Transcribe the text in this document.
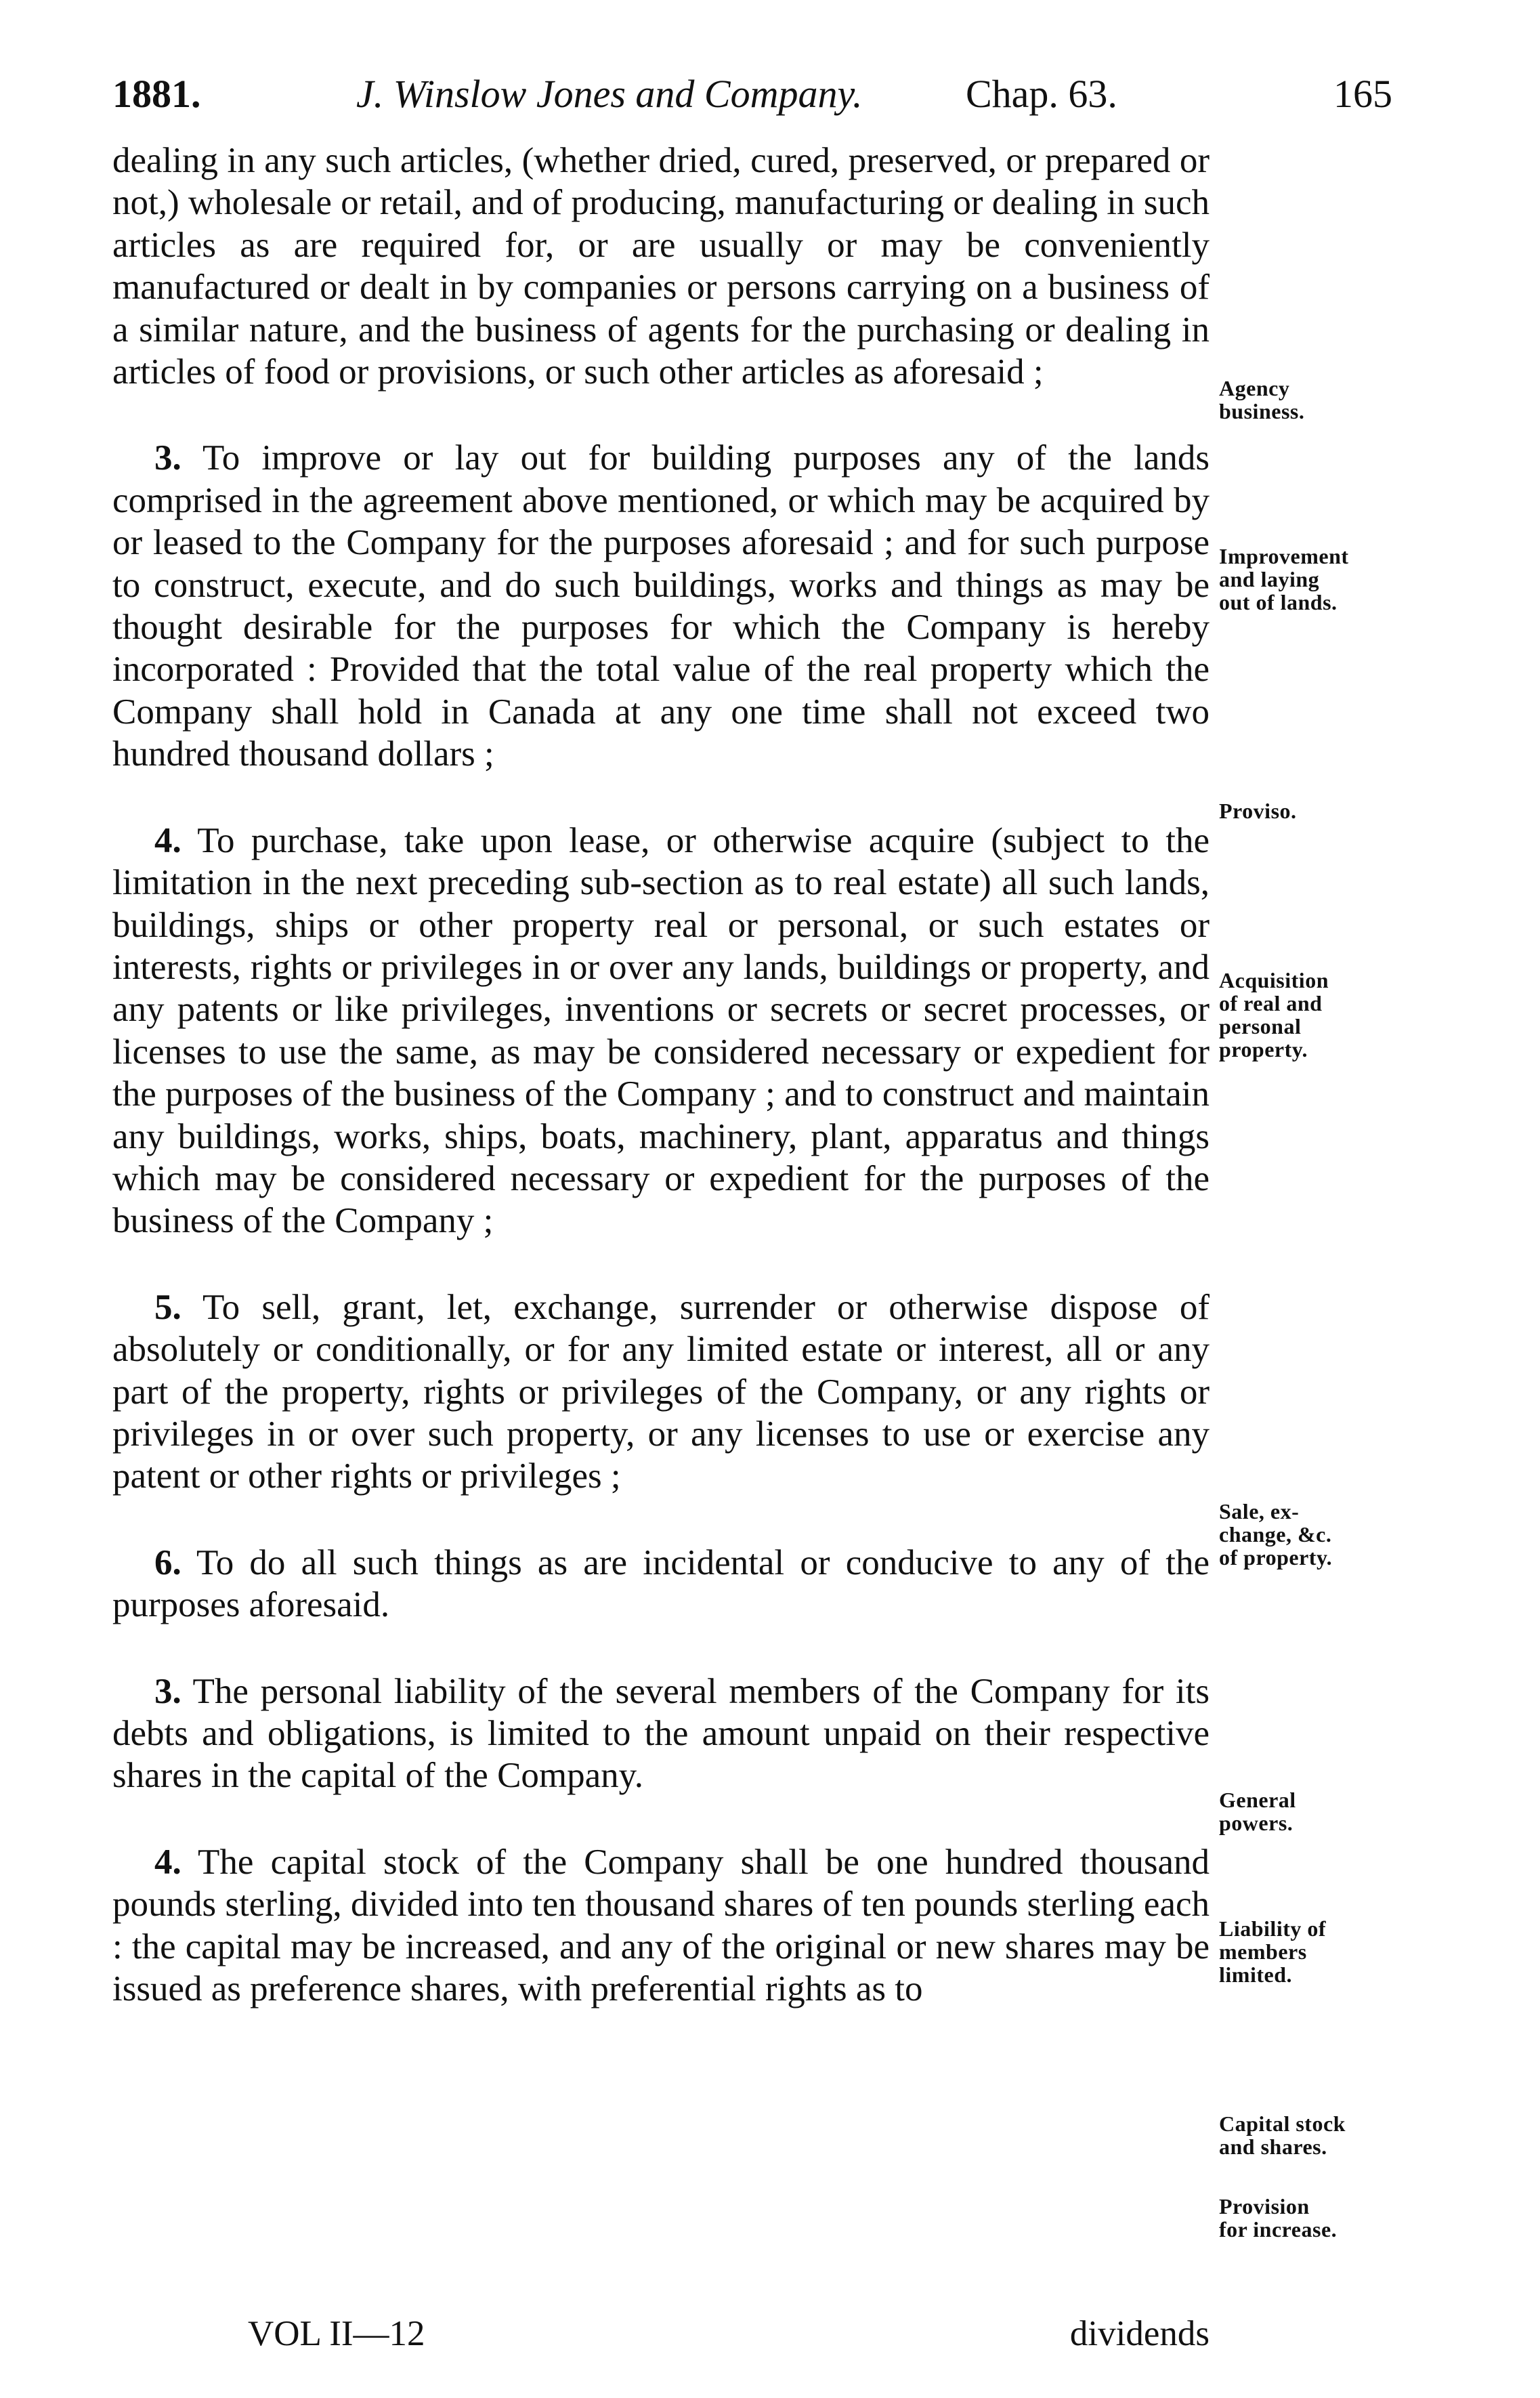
1881.	J. Winslow Jones and Company.	Chap. 63.	165

dealing in any such articles, (whether dried, cured, preserved, or prepared or not,) wholesale or retail, and of producing, manufacturing or dealing in such articles as are required for, or are usually or may be conveniently manufactured or dealt in by companies or persons carrying on a business of a similar nature, and the business of agents for the purchasing or dealing in articles of food or provisions, or such other articles as aforesaid ;

3. To improve or lay out for building purposes any of the lands comprised in the agreement above mentioned, or which may be acquired by or leased to the Company for the purposes aforesaid ; and for such purpose to construct, execute, and do such buildings, works and things as may be thought desirable for the purposes for which the Company is hereby incorporated : Provided that the total value of the real property which the Company shall hold in Canada at any one time shall not exceed two hundred thousand dollars ;

4. To purchase, take upon lease, or otherwise acquire (subject to the limitation in the next preceding sub-section as to real estate) all such lands, buildings, ships or other property real or personal, or such estates or interests, rights or privileges in or over any lands, buildings or property, and any patents or like privileges, inventions or secrets or secret processes, or licenses to use the same, as may be considered necessary or expedient for the purposes of the business of the Company ; and to construct and maintain any buildings, works, ships, boats, machinery, plant, apparatus and things which may be considered necessary or expedient for the purposes of the business of the Company ;

5. To sell, grant, let, exchange, surrender or otherwise dispose of absolutely or conditionally, or for any limited estate or interest, all or any part of the property, rights or privileges of the Company, or any rights or privileges in or over such property, or any licenses to use or exercise any patent or other rights or privileges ;

6. To do all such things as are incidental or conducive to any of the purposes aforesaid.

3. The personal liability of the several members of the Company for its debts and obligations, is limited to the amount unpaid on their respective shares in the capital of the Company.

4. The capital stock of the Company shall be one hundred thousand pounds sterling, divided into ten thousand shares of ten pounds sterling each : the capital may be increased, and any of the original or new shares may be issued as preference shares, with preferential rights as to

Agency
business.
Improvement
and laying
out of lands.
Proviso.
Acquisition
of real and
personal
property.
Sale, ex-
change, &c.
of property.
General
powers.
Liability of
members
limited.
Capital stock
and shares.
Provision
for increase.
VOL II—12	dividends
